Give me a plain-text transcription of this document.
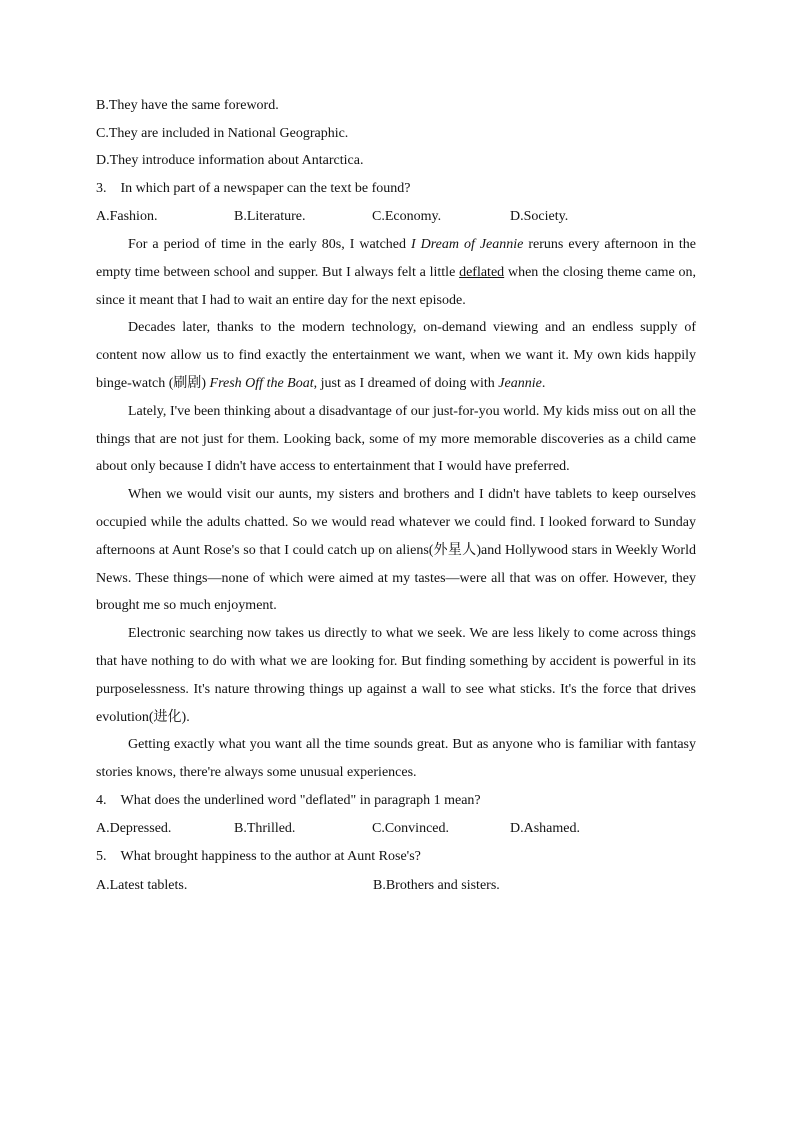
B.They have the same foreword.
C.They are included in National Geographic.
D.They introduce information about Antarctica.
3.　In which part of a newspaper can the text be found?
A.Fashion.	B.Literature.	C.Economy.	D.Society.

For a period of time in the early 80s, I watched I Dream of Jeannie reruns every afternoon in the empty time between school and supper. But I always felt a little deflated when the closing theme came on, since it meant that I had to wait an entire day for the next episode.

Decades later, thanks to the modern technology, on-demand viewing and an endless supply of content now allow us to find exactly the entertainment we want, when we want it. My own kids happily binge-watch (刷剧) Fresh Off the Boat, just as I dreamed of doing with Jeannie.

Lately, I've been thinking about a disadvantage of our just-for-you world. My kids miss out on all the things that are not just for them. Looking back, some of my more memorable discoveries as a child came about only because I didn't have access to entertainment that I would have preferred.

When we would visit our aunts, my sisters and brothers and I didn't have tablets to keep ourselves occupied while the adults chatted. So we would read whatever we could find. I looked forward to Sunday afternoons at Aunt Rose's so that I could catch up on aliens(外星人)and Hollywood stars in Weekly World News. These things—none of which were aimed at my tastes—were all that was on offer. However, they brought me so much enjoyment.

Electronic searching now takes us directly to what we seek. We are less likely to come across things that have nothing to do with what we are looking for. But finding something by accident is powerful in its purposelessness. It's nature throwing things up against a wall to see what sticks. It's the force that drives evolution(进化).

Getting exactly what you want all the time sounds great. But as anyone who is familiar with fantasy stories knows, there're always some unusual experiences.

4.　What does the underlined word "deflated" in paragraph 1 mean?
A.Depressed.	B.Thrilled.	C.Convinced.	D.Ashamed.
5.　What brought happiness to the author at Aunt Rose's?
A.Latest tablets.	B.Brothers and sisters.
